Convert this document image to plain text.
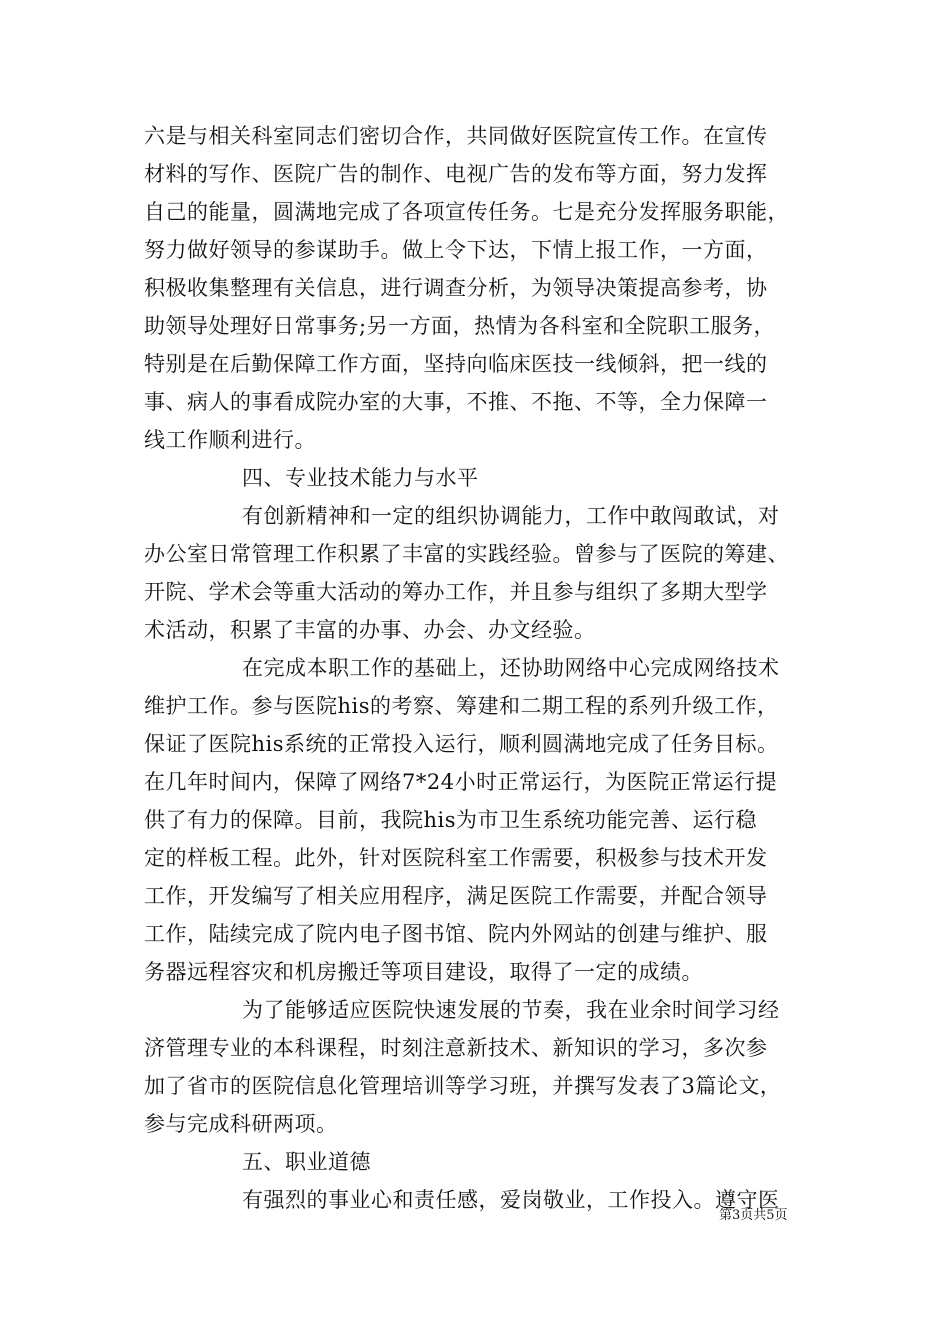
六是与相关科室同志们密切合作，共同做好医院宣传工作。在宣传
材料的写作、医院广告的制作、电视广告的发布等方面，努力发挥
自己的能量，圆满地完成了各项宣传任务。七是充分发挥服务职能，
努力做好领导的参谋助手。做上令下达，下情上报工作，一方面，
积极收集整理有关信息，进行调查分析，为领导决策提高参考，协
助领导处理好日常事务;另一方面，热情为各科室和全院职工服务，
特别是在后勤保障工作方面，坚持向临床医技一线倾斜，把一线的
事、病人的事看成院办室的大事，不推、不拖、不等，全力保障一
线工作顺利进行。
四、专业技术能力与水平
有创新精神和一定的组织协调能力，工作中敢闯敢试，对
办公室日常管理工作积累了丰富的实践经验。曾参与了医院的筹建、
开院、学术会等重大活动的筹办工作，并且参与组织了多期大型学
术活动，积累了丰富的办事、办会、办文经验。
在完成本职工作的基础上，还协助网络中心完成网络技术
维护工作。参与医院his的考察、筹建和二期工程的系列升级工作，
保证了医院his系统的正常投入运行，顺利圆满地完成了任务目标。
在几年时间内，保障了网络7*24小时正常运行，为医院正常运行提
供了有力的保障。目前，我院his为市卫生系统功能完善、运行稳
定的样板工程。此外，针对医院科室工作需要，积极参与技术开发
工作，开发编写了相关应用程序，满足医院工作需要，并配合领导
工作，陆续完成了院内电子图书馆、院内外网站的创建与维护、服
务器远程容灾和机房搬迁等项目建设，取得了一定的成绩。
为了能够适应医院快速发展的节奏，我在业余时间学习经
济管理专业的本科课程，时刻注意新技术、新知识的学习，多次参
加了省市的医院信息化管理培训等学习班，并撰写发表了3篇论文，
参与完成科研两项。
五、职业道德
有强烈的事业心和责任感，爱岗敬业，工作投入。遵守医
第3页共5页
